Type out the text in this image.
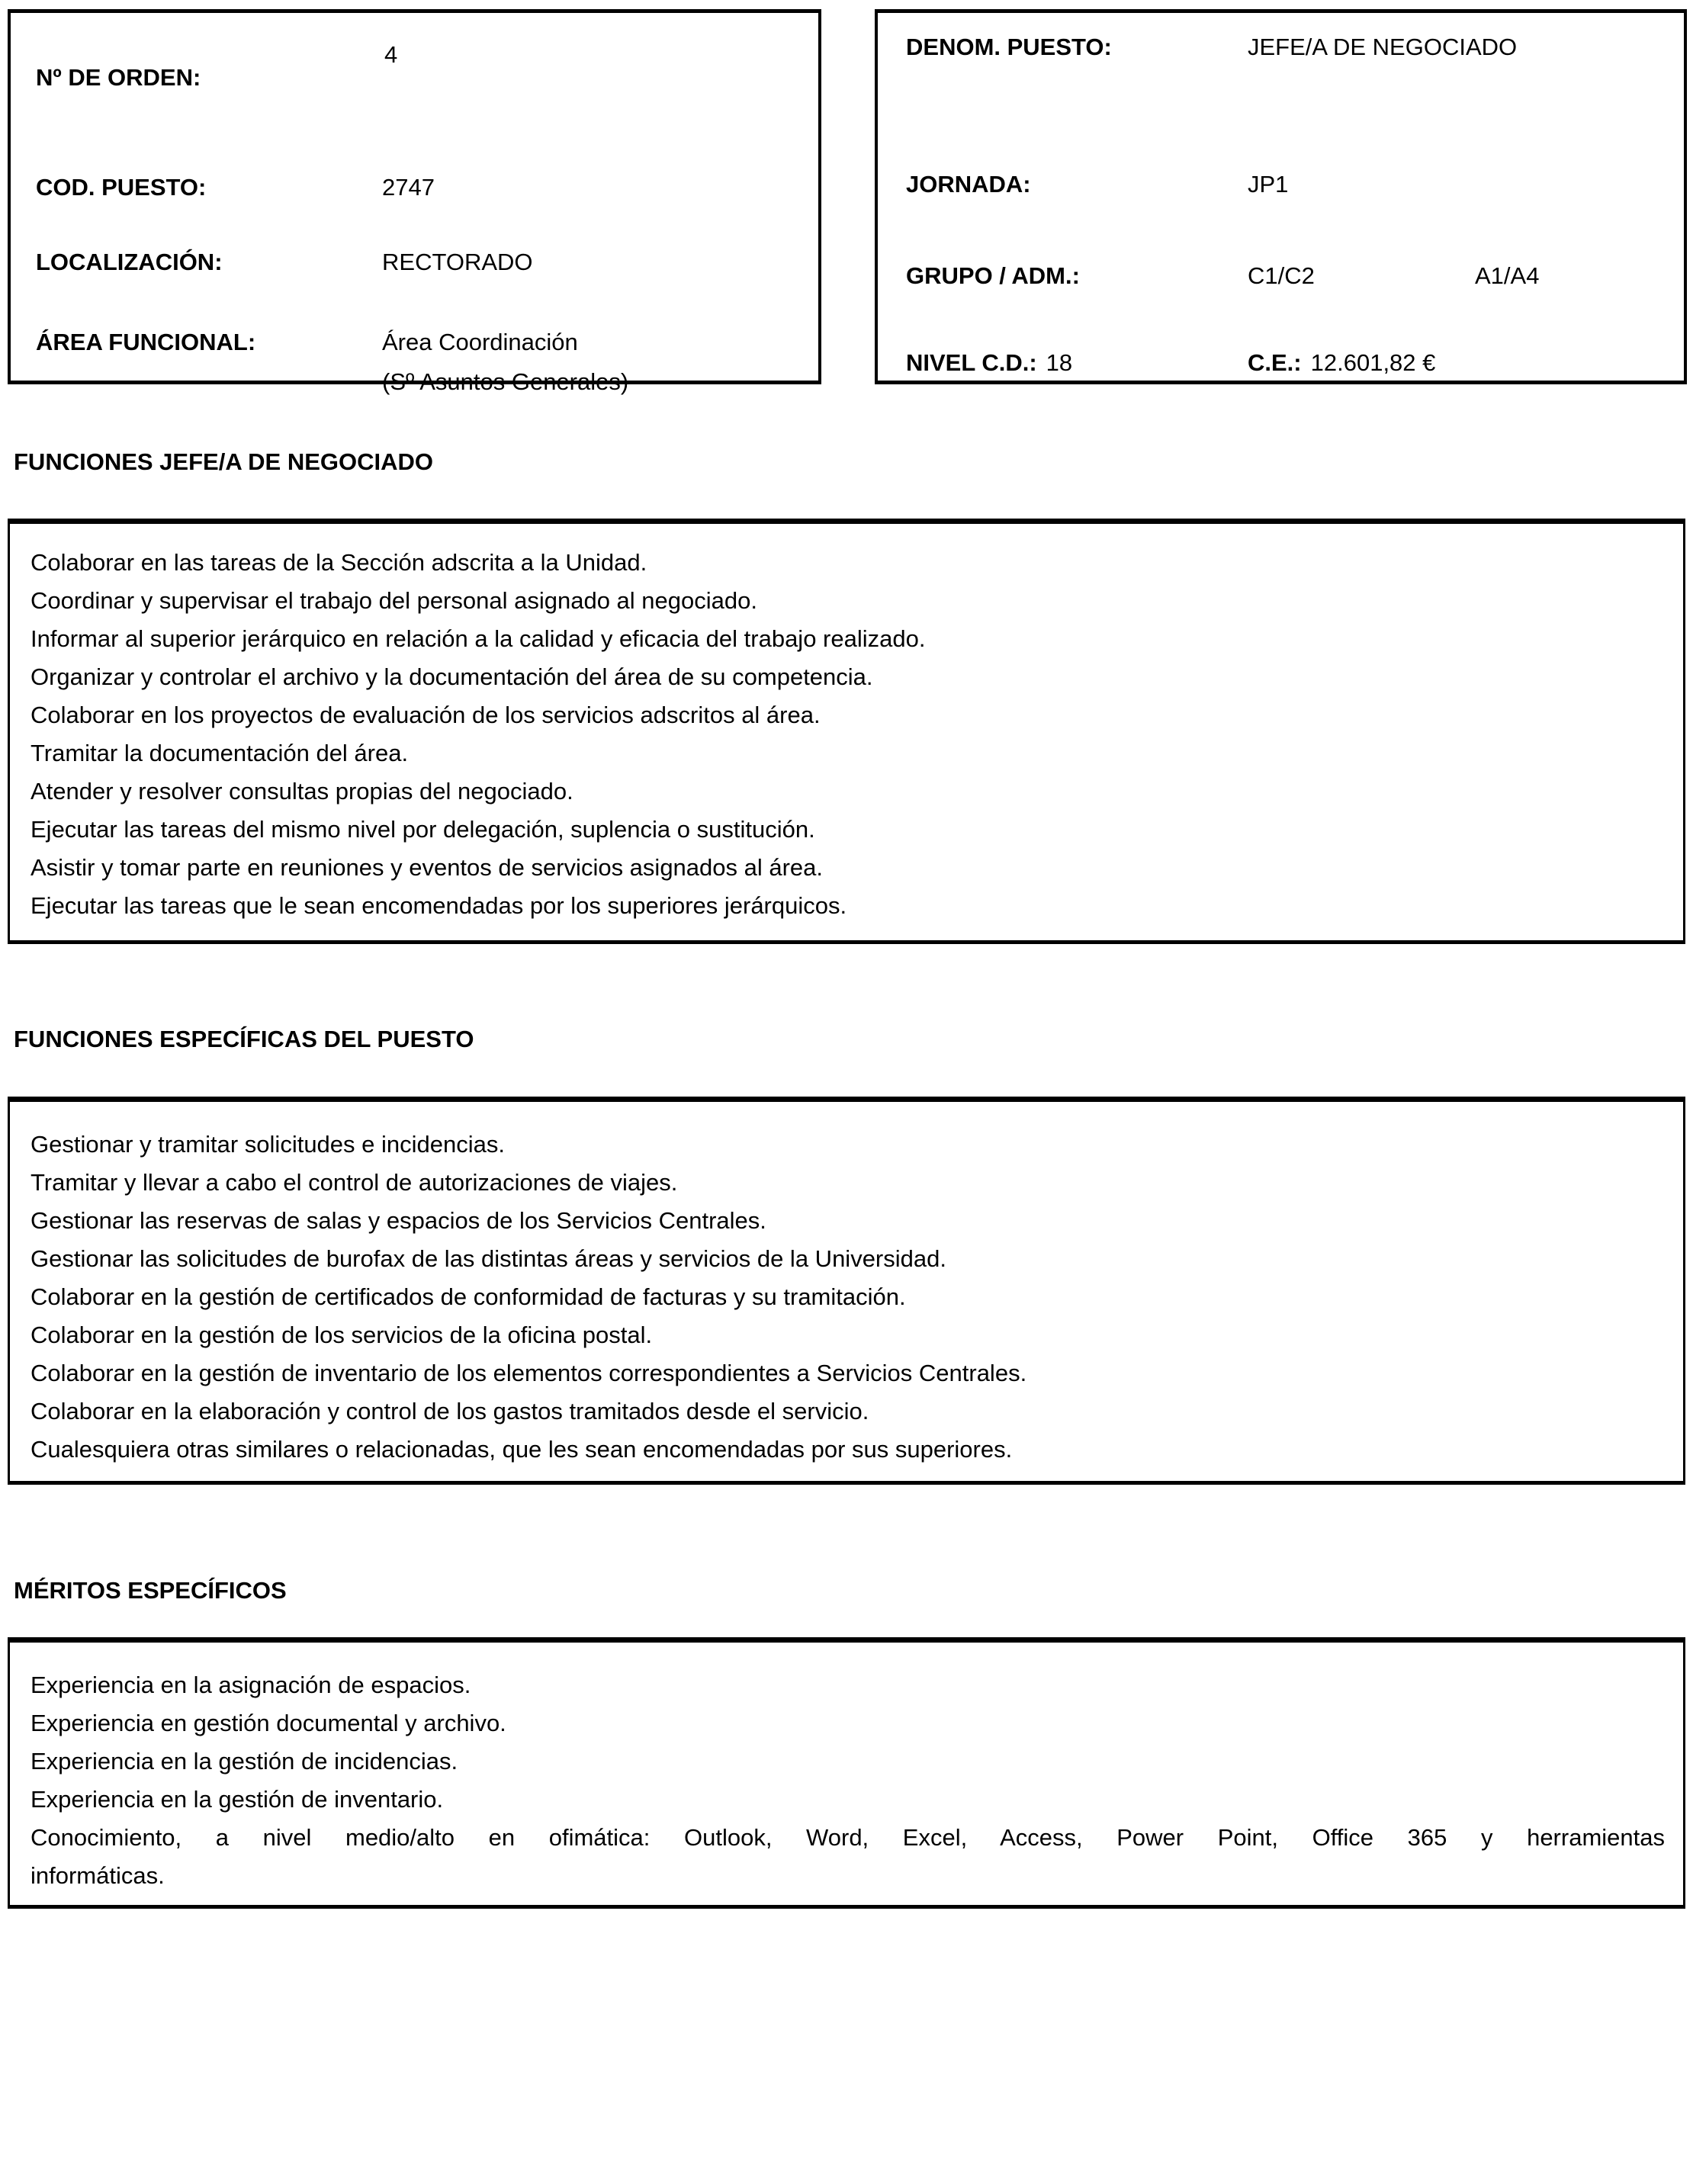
Nº DE ORDEN:
4
COD. PUESTO:	2747
LOCALIZACIÓN:	RECTORADO
ÁREA FUNCIONAL:	Área Coordinación
(Sº Asuntos Generales)
DENOM. PUESTO:	JEFE/A DE NEGOCIADO
JORNADA:	JP1
GRUPO / ADM.:	C1/C2	A1/A4
NIVEL C.D.: 18	C.E.: 12.601,82 €
FUNCIONES JEFE/A DE NEGOCIADO
Colaborar en las tareas de la Sección adscrita a la Unidad.
Coordinar y supervisar el trabajo del personal asignado al negociado.
Informar al superior jerárquico en relación a la calidad y eficacia del trabajo realizado.
Organizar y controlar el archivo y la documentación del área de su competencia.
Colaborar en los proyectos de evaluación de los servicios adscritos al área.
Tramitar la documentación del área.
Atender y resolver consultas propias del negociado.
Ejecutar las tareas del mismo nivel por delegación, suplencia o sustitución.
Asistir y tomar parte en reuniones y eventos de servicios asignados al área.
Ejecutar las tareas que le sean encomendadas por los superiores jerárquicos.
FUNCIONES ESPECÍFICAS DEL PUESTO
Gestionar y tramitar solicitudes e incidencias.
Tramitar y llevar a cabo el control de autorizaciones de viajes.
Gestionar las reservas de salas y espacios de los Servicios Centrales.
Gestionar las solicitudes de burofax de las distintas áreas y servicios de la Universidad.
Colaborar en la gestión de certificados de conformidad de facturas y su tramitación.
Colaborar en la gestión de los servicios de la oficina postal.
Colaborar en la gestión de inventario de los elementos correspondientes a Servicios Centrales.
Colaborar en la elaboración y control de los gastos tramitados desde el servicio.
Cualesquiera otras similares o relacionadas, que les sean encomendadas por sus superiores.
MÉRITOS ESPECÍFICOS
Experiencia en la asignación de espacios.
Experiencia en gestión documental y archivo.
Experiencia en la gestión de incidencias.
Experiencia en la gestión de inventario.
Conocimiento, a nivel medio/alto en ofimática: Outlook, Word, Excel, Access, Power Point, Office 365 y herramientas
informáticas.
